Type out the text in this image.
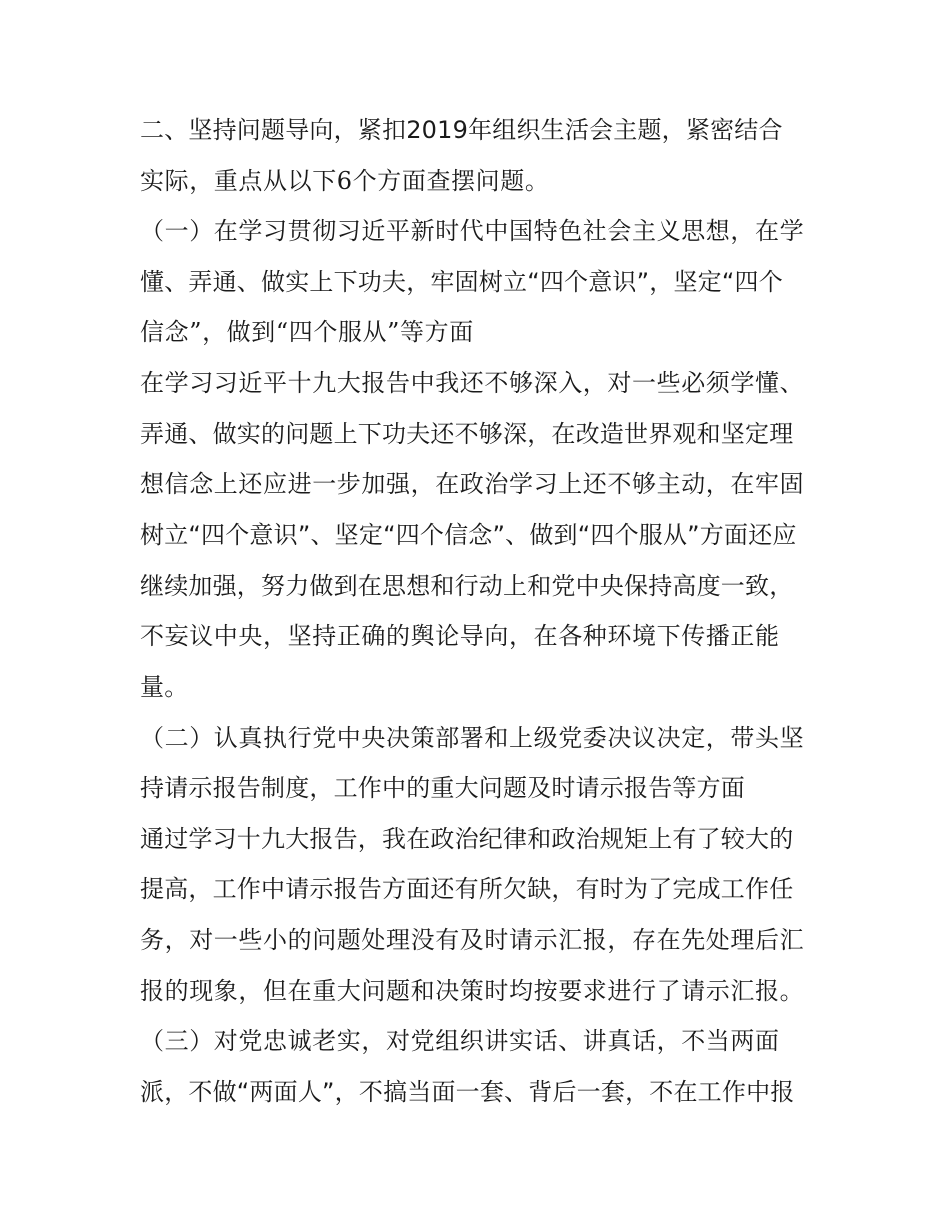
二、坚持问题导向，紧扣2019年组织生活会主题，紧密结合
实际，重点从以下6个方面查摆问题。
（一）在学习贯彻习近平新时代中国特色社会主义思想，在学
懂、弄通、做实上下功夫，牢固树立“四个意识”，坚定“四个
信念”，做到“四个服从”等方面
在学习习近平十九大报告中我还不够深入，对一些必须学懂、
弄通、做实的问题上下功夫还不够深，在改造世界观和坚定理
想信念上还应进一步加强，在政治学习上还不够主动，在牢固
树立“四个意识”、坚定“四个信念”、做到“四个服从”方面还应
继续加强，努力做到在思想和行动上和党中央保持高度一致，
不妄议中央，坚持正确的舆论导向，在各种环境下传播正能
量。
（二）认真执行党中央决策部署和上级党委决议决定，带头坚
持请示报告制度，工作中的重大问题及时请示报告等方面
通过学习十九大报告，我在政治纪律和政治规矩上有了较大的
提高，工作中请示报告方面还有所欠缺，有时为了完成工作任
务，对一些小的问题处理没有及时请示汇报，存在先处理后汇
报的现象，但在重大问题和决策时均按要求进行了请示汇报。
（三）对党忠诚老实，对党组织讲实话、讲真话，不当两面
派，不做“两面人”，不搞当面一套、背后一套，不在工作中报
